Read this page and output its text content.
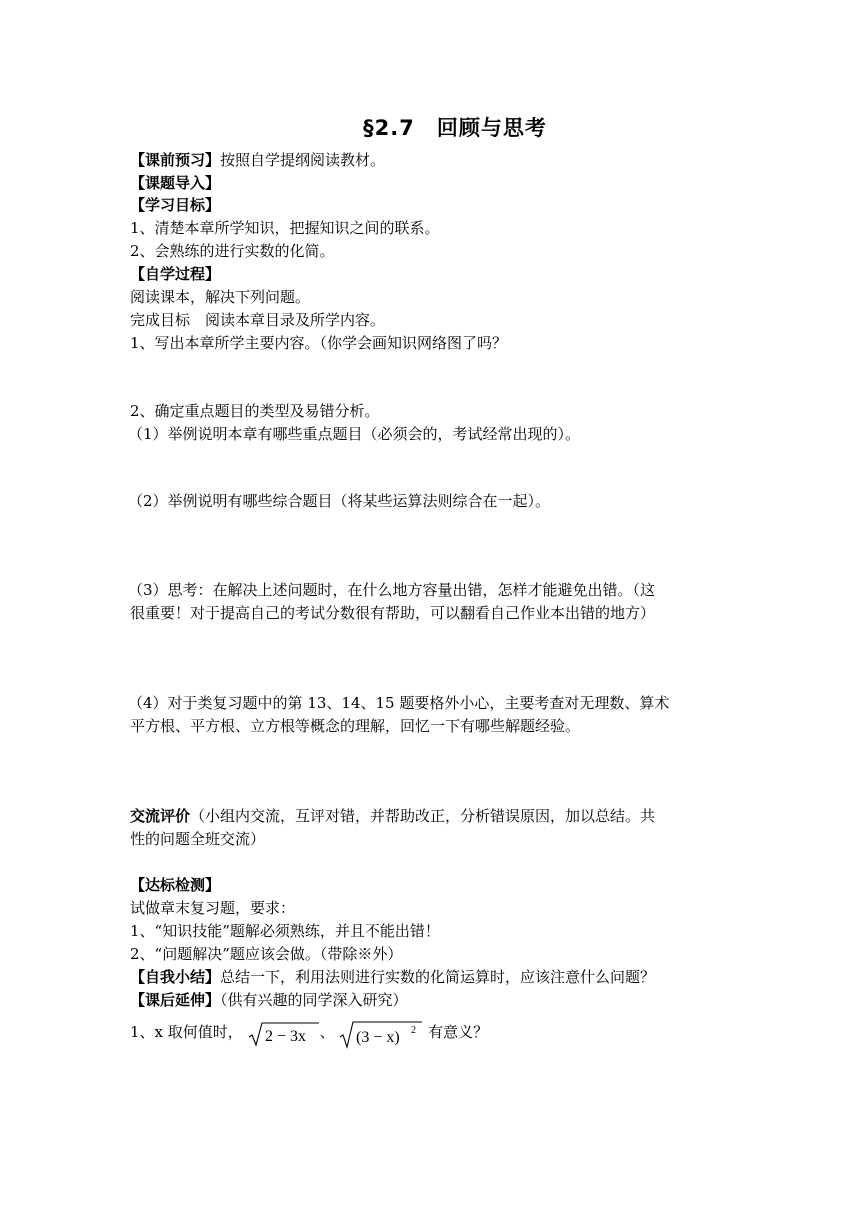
§2.7　回顾与思考
【课前预习】按照自学提纲阅读教材。
【课题导入】
【学习目标】
1、清楚本章所学知识，把握知识之间的联系。
2、会熟练的进行实数的化简。
【自学过程】
阅读课本，解决下列问题。
完成目标　阅读本章目录及所学内容。
1、写出本章所学主要内容。（你学会画知识网络图了吗？
2、确定重点题目的类型及易错分析。
（1）举例说明本章有哪些重点题目（必须会的，考试经常出现的）。
（2）举例说明有哪些综合题目（将某些运算法则综合在一起）。
（3）思考：在解决上述问题时，在什么地方容量出错，怎样才能避免出错。（这
很重要！对于提高自己的考试分数很有帮助，可以翻看自己作业本出错的地方）
（4）对于类复习题中的第 13、14、15 题要格外小心，主要考查对无理数、算术
平方根、平方根、立方根等概念的理解，回忆一下有哪些解题经验。
交流评价（小组内交流，互评对错，并帮助改正，分析错误原因，加以总结。共
性的问题全班交流）
【达标检测】
试做章末复习题，要求：
1、“知识技能”题解必须熟练，并且不能出错！
2、“问题解决”题应该会做。（带除※外）
【自我小结】总结一下，利用法则进行实数的化简运算时，应该注意什么问题？
【课后延伸】（供有兴趣的同学深入研究）
1、x 取何值时， 2 − 3x 、 (3 − x) 2 有意义？
